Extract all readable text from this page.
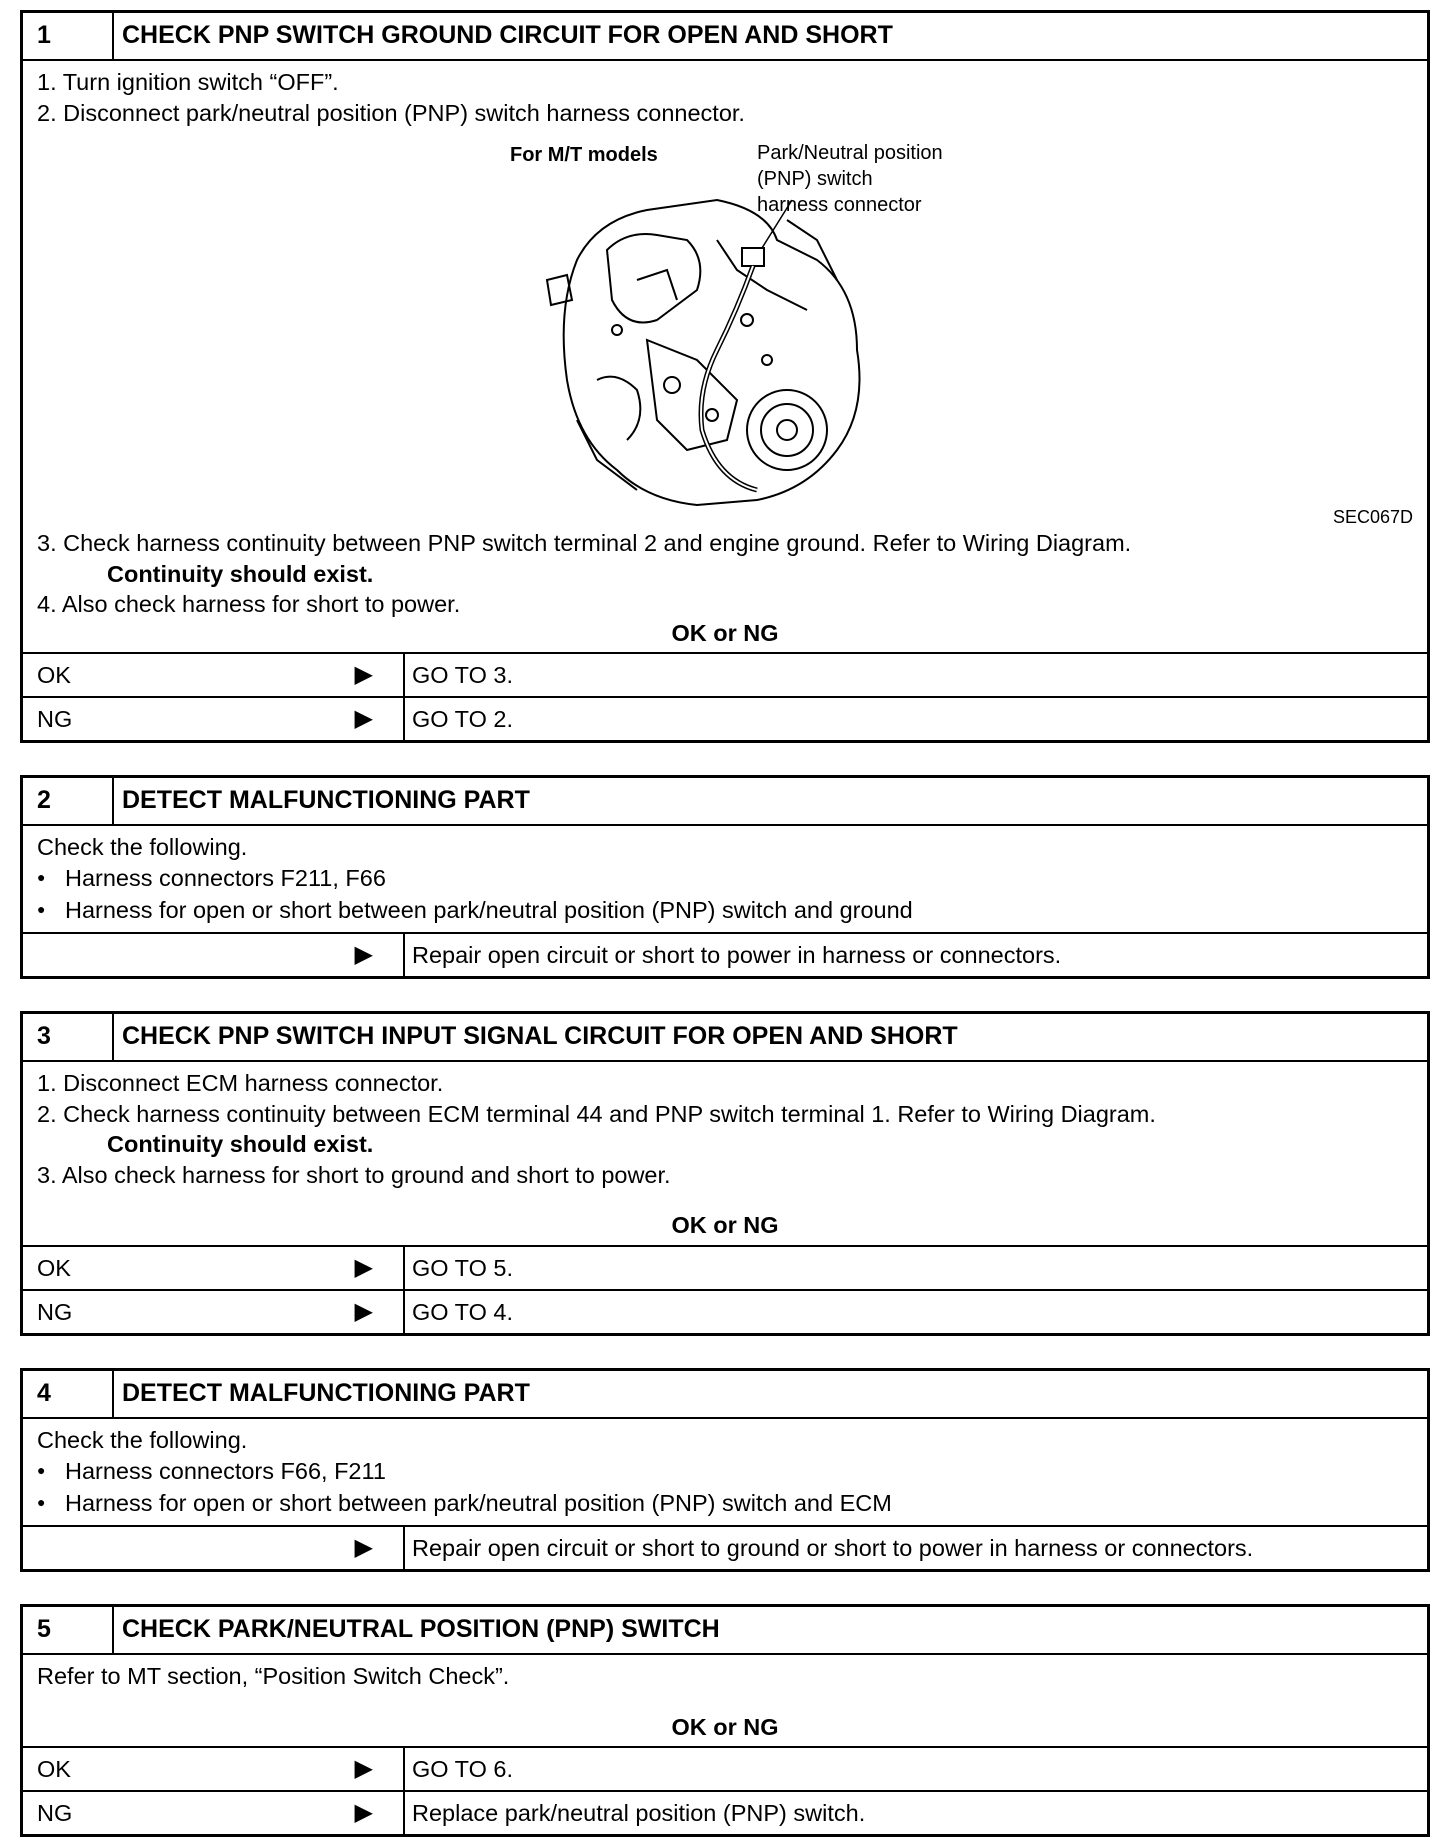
1	CHECK PNP SWITCH GROUND CIRCUIT FOR OPEN AND SHORT
1. Turn ignition switch “OFF”.
2. Disconnect park/neutral position (PNP) switch harness connector.
For M/T models	Park/Neutral position
(PNP) switch
harness connector
SEC067D
3. Check harness continuity between PNP switch terminal 2 and engine ground. Refer to Wiring Diagram.
Continuity should exist.
4. Also check harness for short to power.
OK or NG
OK	▶ GO TO 3.
NG	▶ GO TO 2.
2	DETECT MALFUNCTIONING PART
Check the following.
● Harness connectors F211, F66
● Harness for open or short between park/neutral position (PNP) switch and ground
▶ Repair open circuit or short to power in harness or connectors.
3	CHECK PNP SWITCH INPUT SIGNAL CIRCUIT FOR OPEN AND SHORT
1. Disconnect ECM harness connector.
2. Check harness continuity between ECM terminal 44 and PNP switch terminal 1. Refer to Wiring Diagram.
Continuity should exist.
3. Also check harness for short to ground and short to power.
OK or NG
OK	▶ GO TO 5.
NG	▶ GO TO 4.
4	DETECT MALFUNCTIONING PART
Check the following.
● Harness connectors F66, F211
● Harness for open or short between park/neutral position (PNP) switch and ECM
▶ Repair open circuit or short to ground or short to power in harness or connectors.
5	CHECK PARK/NEUTRAL POSITION (PNP) SWITCH
Refer to MT section, “Position Switch Check”.
OK or NG
OK	▶ GO TO 6.
NG	▶ Replace park/neutral position (PNP) switch.
